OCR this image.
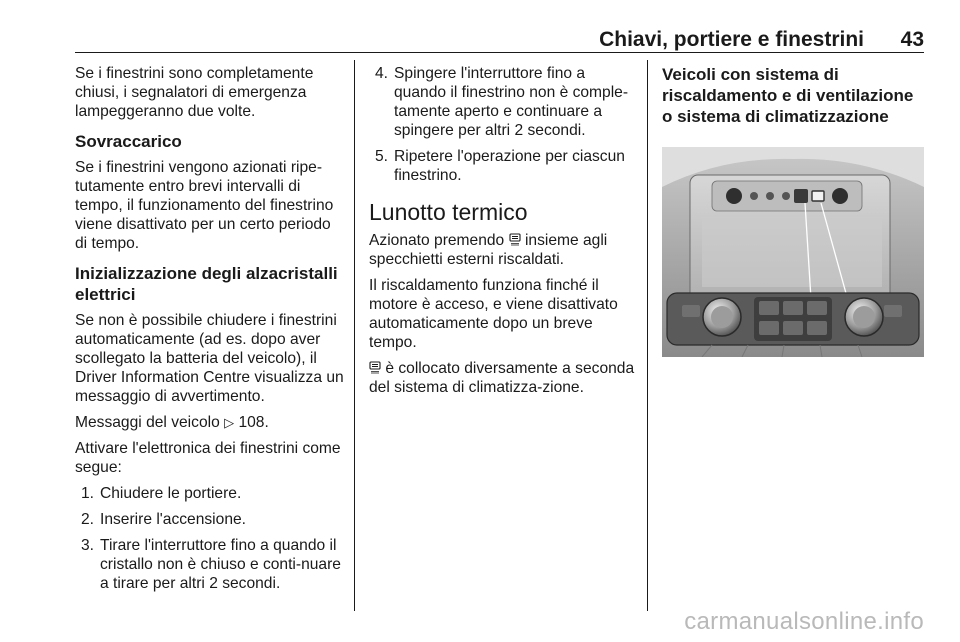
Chiavi, portiere e finestrini 43

Se i finestrini sono completamente chiusi, i segnalatori di emergenza lampeggeranno due volte.

Sovraccarico

Se i finestrini vengono azionati ripe-tutamente entro brevi intervalli di tempo, il funzionamento del finestrino viene disattivato per un certo periodo di tempo.

Inizializzazione degli alzacristalli elettrici

Se non è possibile chiudere i finestrini automaticamente (ad es. dopo aver scollegato la batteria del veicolo), il Driver Information Centre visualizza un messaggio di avvertimento.

Messaggi del veicolo ▷ 108.

Attivare l'elettronica dei finestrini come segue:

1. Chiudere le portiere.
2. Inserire l'accensione.
3. Tirare l'interruttore fino a quando il cristallo non è chiuso e conti-nuare a tirare per altri 2 secondi.
4. Spingere l'interruttore fino a quando il finestrino non è comple-tamente aperto e continuare a spingere per altri 2 secondi.
5. Ripetere l'operazione per ciascun finestrino.
Lunotto termico

Azionato premendo insieme agli specchietti esterni riscaldati.

Il riscaldamento funziona finché il motore è acceso, e viene disattivato automaticamente dopo un breve tempo.

è collocato diversamente a seconda del sistema di climatizza-zione.

Veicoli con sistema di riscaldamento e di ventilazione o sistema di climatizzazione
carmanualsonline.info
